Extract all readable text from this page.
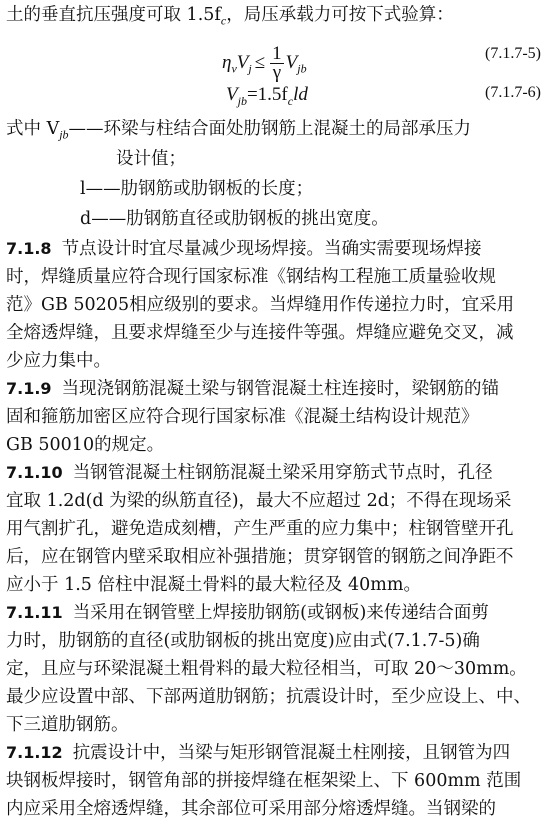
土的垂直抗压强度可取 $1.5f_c$，局压承载力可按下式验算：
$\eta_vV_j \le \frac{1}{\gamma} V_{jb}$
(7.1.7-5)
$V_{jb}=1.5f_cld$	(7.1.7-6)
式中 $V_{jb}——$环梁与柱结合面处肋钢筋上混凝土的局部承压力
设计值；
l——肋钢筋或肋钢板的长度；
d——肋钢筋直径或肋钢板的挑出宽度。
7.1.8 节点设计时宜尽量减少现场焊接。当确实需要现场焊接
时，焊缝质量应符合现行国家标准《钢结构工程施工质量验收规
范》GB 50205相应级别的要求。当焊缝用作传递拉力时，宜采用
全熔透焊缝，且要求焊缝至少与连接件等强。焊缝应避免交叉，减
少应力集中。
7.1.9 当现浇钢筋混凝土梁与钢管混凝土柱连接时，梁钢筋的锚
固和箍筋加密区应符合现行国家标准《混凝土结构设计规范》
GB 50010的规定。
7.1.10 当钢管混凝土柱钢筋混凝土梁采用穿筋式节点时，孔径
宜取 1.2d(d 为梁的纵筋直径)，最大不应超过 2d；不得在现场采
用气割扩孔，避免造成刻槽，产生严重的应力集中；柱钢管壁开孔
后，应在钢管内壁采取相应补强措施；贯穿钢管的钢筋之间净距不
应小于 1.5 倍柱中混凝土骨料的最大粒径及 40mm。
7.1.11 当采用在钢管壁上焊接肋钢筋(或钢板)来传递结合面剪
力时，肋钢筋的直径(或肋钢板的挑出宽度)应由式(7.1.7-5)确
定，且应与环梁混凝土粗骨料的最大粒径相当，可取 20～30mm。
最少应设置中部、下部两道肋钢筋；抗震设计时，至少应设上、中、
下三道肋钢筋。
7.1.12 抗震设计中，当梁与矩形钢管混凝土柱刚接，且钢管为四
块钢板焊接时，钢管角部的拼接焊缝在框架梁上、下 600mm 范围
内应采用全熔透焊缝，其余部位可采用部分熔透焊缝。当钢梁的
